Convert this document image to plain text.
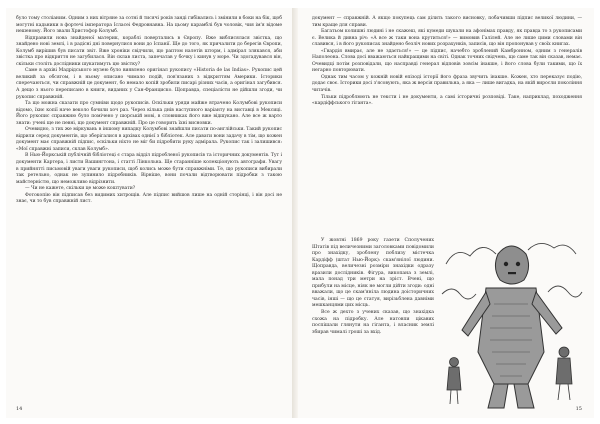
було тому століаним. Одним з них вітряне за сотні й тисячі років занді гибівались і змінили в боки на бік, щоб могутні кадьники в фортечі імператора Ісласеі Федровнавна. На цьому карамблі був чоловік, чия ім'я відоме нешеному. Його звали Христофор Колумб.

Відправили нова знайденої материк, кораблі повертались в Європу. Вже виблисялася звістка, що знайдено нові землі, і в радісні дні повернулися вони до Іспанії. Ще до того, як причалити до берегів Європи, Колумб вирішив був писати звіт. Вже хроніки свідчили, що раптом налетів шторм, і адмірал злякався, аби звістка про відкриття не загубилася. Він склав листа, запечатав у бочку і кинув у море. Чи здогадувався він, скільки століть дослідники шукатимуть цю звістку?

Саме в архіві Мадрідського музею було виявлено оригінал рукопису «Historia de las Indias». Рукопис цей великий за обсягом, і в ньому описано чимало подій, пов'язаних з відкриттям Америки. Історики сперечаються, чи справжній це документ, бо немало копій зробили писарі різних часів, а оригінал загубився. А дещо з нього переписано в книги, виданих у Сан-Франциско. Щоправда, спеціалісти не дійшли згоди, чи рукопис справжній.

Та що можна сказати про сумніви щодо рукописів. Оскільки уряди майже втрачено Колумбові рукописи відомо, їхнє копії наче веколо бачили хоч раз. Через кілька днів наступного варіанту на виставці в Мексиці. Його рукопис справжню було помічено у шорській мові, в словниках його вже відшукано. Але все ж варто знати: учені ще не певні, що документ справжній. Про це говорить їхні висновки.

Очевидно, з тих же міркувань в іншому випадку Колумбові знайшли писати по-англійськи. Такий рукопис відрили серед документів, що зберігалися в архівах однієї з бібліотек. Але давати вони задачу в тім, що кожен документ має справжній підпис, оскільки ніхто не міг би підробити руку адмірала. Рукопис так і залишився: «Мої справжні записи, склав Колумб».

В Нью-Йоркській публічній бібліотеці є стара відділ підробленої рукописів та історичних документів. Тут і документи Картера, і листи Вашингтона, і статті Лінкольна. Ще старанніше колекціонують автографи. Увагу в прийнятті письмовій уваги уваги рукописи, щоб колись може бути справжніми. Те, що рукописи вибирали так ретельно, однак не зупинило підробників. Вірніше, вони почали відтворювати підробки з такою майстерністю, що неможливо відрізнити.

— Чи не кажете, скільки це може коштувати?

Фотокопію він підписав без видимих хитрощів. Але підпис вийшов лише на одній сторінці, і він досі не знає, чи то був справжній лист.

14

документ — справжній. А якщо покупець сам ділить такого висновку, побачивши підпис великої людини, — тим краще для справи.

Багатьом колишні людині і не скажеш, які кумеди шукали на афонімах правду, як правда то з рукописами є. Велика й дивна річ: «А все ж таки вона крутиться!» — вимовив Галілей. Але не лише цими словами він славився, і в його рукописах знайдено безліч нових розрахунків, записів, що він пропонував у своїх книгах.

«Гвардія вмирає, але не здається!» — це підпис, начебто зроблений Камбронном, одним з генералів Наполеона. Слова досі вважаються найкращими на світі. Однак точних свідчень, що саме так він сказав, немає. Очевидці потім розповідали, що насправді генерал відповів зовсім інакше, і його слова були такими, що їх негарно повторювати.

Однак тим часом у кожній новій епізоді історії його фраза звучить інакше. Кожен, хто переказує подію, додає своє. Історики досі з'ясовують, яка ж версія правильна, а яка — лише вигадка, на якій виросли покоління читачів.

Тільки підроблюють не тексти і не документи, а самі історичні розповіді. Таке, наприклад, походження «кардіффського гіганта».

У жовтні 1869 року газети Сполучених Штатів під величезними заголовками повідомили про знахідку, зроблену поблизу містечка Кардіфф (штат Нью-Йорк): скам'янілої людини. Щоправда, величезні розміри знахідки одразу вразили дослідників. Фігура, викопана з землі, мала понад три метри на зріст. Вчені, що прибули на місце, ніяк не могли дійти згоди: одні вважали, що це скам'яніла людина доісторичних часів, інші — що це статуя, вирізьблена давніми мешканцями цих місць.

Все ж дехто з учених сказав, що знахідка схожа на підробку. Але натовпи цікавих поспішали глянути на гіганта, і власник землі збирав чималі гроші за вхід.

15
